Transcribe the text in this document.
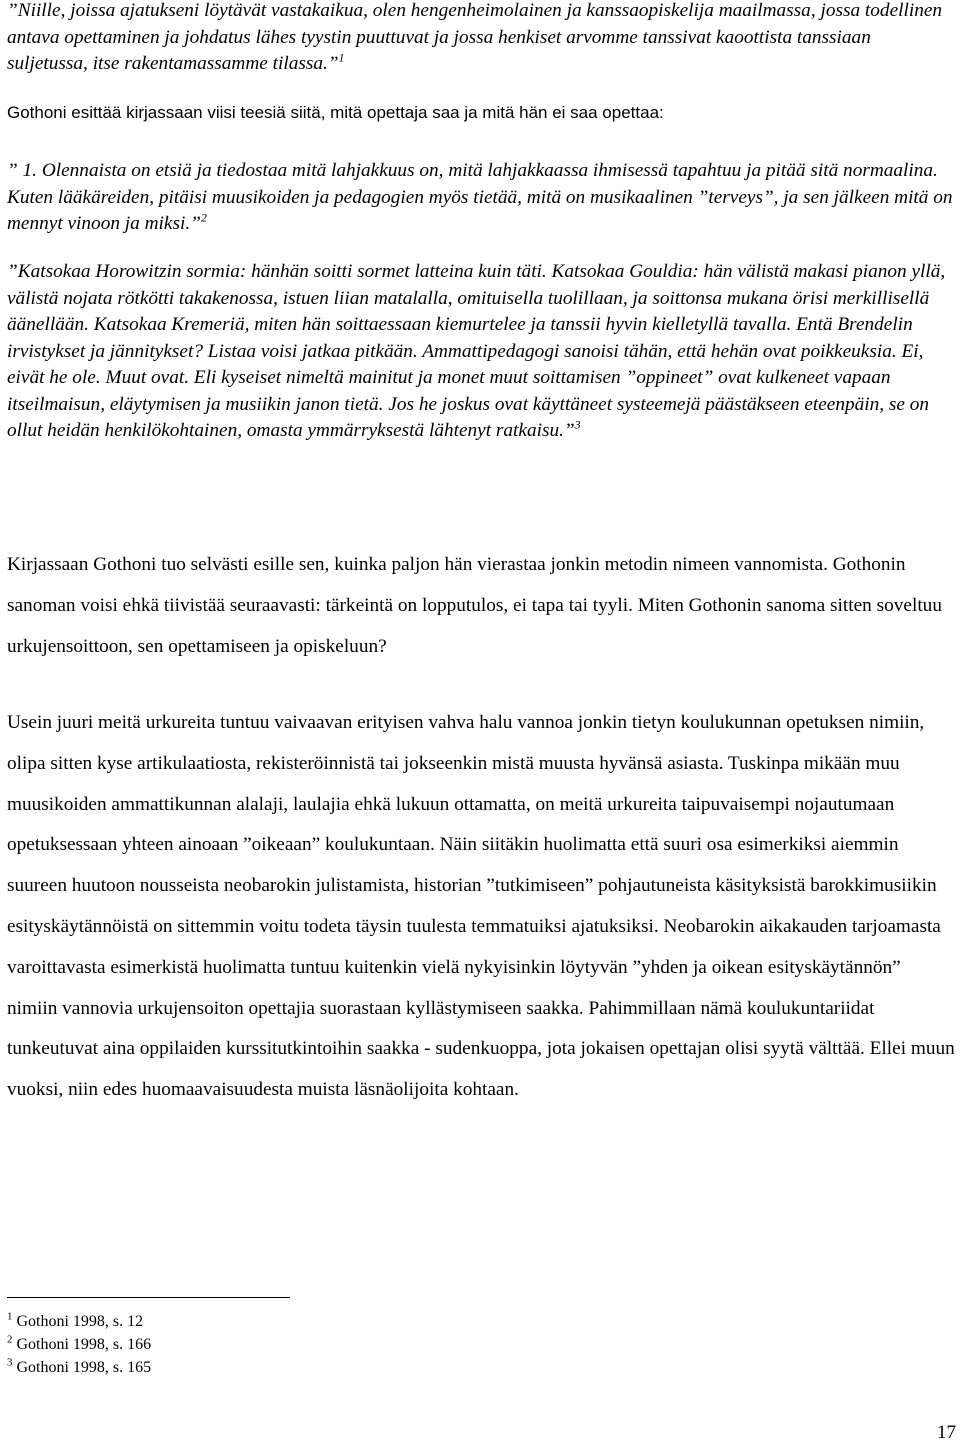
”Niille, joissa ajatukseni löytävät vastakaikua, olen hengenheimolainen ja kanssaopiskelija maailmassa, jossa todellinen antava opettaminen ja johdatus lähes tyystin puuttuvat ja jossa henkiset arvomme tanssivat kaoottista tanssiaan suljetussa, itse rakentamassamme tilassa.”$^1$

Gothoni esittää kirjassaan viisi teesiä siitä, mitä opettaja saa ja mitä hän ei saa opettaa:

” 1. Olennaista on etsiä ja tiedostaa mitä lahjakkuus on, mitä lahjakkaassa ihmisessä tapahtuu ja pitää sitä normaalina. Kuten lääkäreiden, pitäisi muusikoiden ja pedagogien myös tietää, mitä on musikaalinen ”terveys”, ja sen jälkeen mitä on mennyt vinoon ja miksi.”$^2$

”Katsokaa Horowitzin sormia: hänhän soitti sormet latteina kuin täti. Katsokaa Gouldia: hän välistä makasi pianon yllä, välistä nojata rötkötti takakenossa, istuen liian matalalla, omituisella tuolillaan, ja soittonsa mukana örisi merkillisellä äänellään. Katsokaa Kremeriä, miten hän soittaessaan kiemurtelee ja tanssii hyvin kielletyllä tavalla. Entä Brendelin irvistykset ja jännitykset? Listaa voisi jatkaa pitkään. Ammattipedagogi sanoisi tähän, että hehän ovat poikkeuksia. Ei, eivät he ole. Muut ovat. Eli kyseiset nimeltä mainitut ja monet muut soittamisen ”oppineet” ovat kulkeneet vapaan itseilmaisun, eläytymisen ja musiikin janon tietä. Jos he joskus ovat käyttäneet systeemejä päästäkseen eteenpäin, se on ollut heidän henkilökohtainen, omasta ymmärryksestä lähtenyt ratkaisu.”$^3$

Kirjassaan Gothoni tuo selvästi esille sen, kuinka paljon hän vierastaa jonkin metodin nimeen vannomista. Gothonin sanoman voisi ehkä tiivistää seuraavasti: tärkeintä on lopputulos, ei tapa tai tyyli. Miten Gothonin sanoma sitten soveltuu urkujensoittoon, sen opettamiseen ja opiskeluun?

Usein juuri meitä urkureita tuntuu vaivaavan erityisen vahva halu vannoa jonkin tietyn koulukunnan opetuksen nimiin, olipa sitten kyse artikulaatiosta, rekisteröinnistä tai jokseenkin mistä muusta hyvänsä asiasta. Tuskinpa mikään muu muusikoiden ammattikunnan alalaji, laulajia ehkä lukuun ottamatta, on meitä urkureita taipuvaisempi nojautumaan opetuksessaan yhteen ainoaan ”oikeaan” koulukuntaan. Näin siitäkin huolimatta että suuri osa esimerkiksi aiemmin suureen huutoon nousseista neobarokin julistamista, historian ”tutkimiseen” pohjautuneista käsityksistä barokkimusiikin esityskäytännöistä on sittemmin voitu todeta täysin tuulesta temmatuiksi ajatuksiksi. Neobarokin aikakauden tarjoamasta varoittavasta esimerkistä huolimatta tuntuu kuitenkin vielä nykyisinkin löytyvän ”yhden ja oikean esityskäytännön” nimiin vannovia urkujensoiton opettajia suorastaan kyllästymiseen saakka. Pahimmillaan nämä koulukuntariidat tunkeutuvat aina oppilaiden kurssitutkintoihin saakka - sudenkuoppa, jota jokaisen opettajan olisi syytä välttää. Ellei muun vuoksi, niin edes huomaavaisuudesta muista läsnäolijoita kohtaan.

$^1$ Gothoni 1998, s. 12
$^2$ Gothoni 1998, s. 166
$^3$ Gothoni 1998, s. 165
17
